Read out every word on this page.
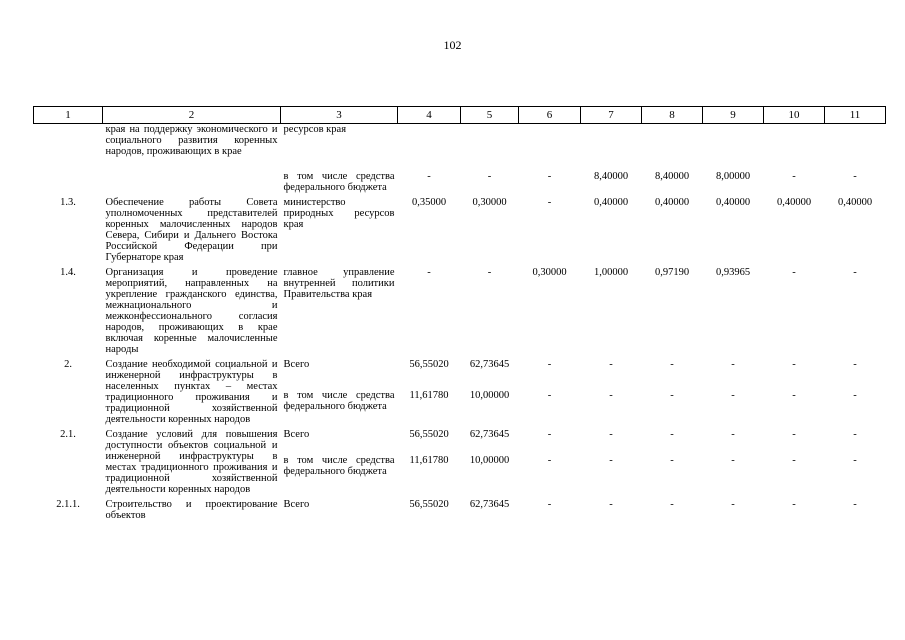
102
1	2	3	4	5	6	7	8	9	10	11
	края на поддержку экономического и социального развития коренных народов, проживающих в крае	ресурсов края								
		в том числе средства федерального бюджета	-	-	-	8,40000	8,40000	8,00000	-	-
1.3.	Обеспечение работы Совета уполномоченных представителей коренных малочисленных народов Севера, Сибири и Дальнего Востока Российской Федерации при Губернаторе края	министерство природных ресурсов края	0,35000	0,30000	-	0,40000	0,40000	0,40000	0,40000	0,40000
1.4.	Организация и проведение мероприятий, направленных на укрепление гражданского единства, межнационального и межконфессионального согласия народов, проживающих в крае включая коренные малочисленные народы	главное управление внутренней политики Правительства края	-	-	0,30000	1,00000	0,97190	0,93965	-	-
2.	Создание необходимой социальной и инженерной инфраструктуры в населенных пунктах – местах традиционного проживания и традиционной хозяйственной деятельности коренных народов	Всего	56,55020	62,73645	-	-	-	-	-	-
		в том числе средства федерального бюджета	11,61780	10,00000	-	-	-	-	-	-
2.1.	Создание условий для повышения доступности объектов социальной и инженерной инфраструктуры в местах традиционного проживания и традиционной хозяйственной деятельности коренных народов	Всего	56,55020	62,73645	-	-	-	-	-	-
		в том числе средства федерального бюджета	11,61780	10,00000	-	-	-	-	-	-
2.1.1.	Строительство и проектирование объектов	Всего	56,55020	62,73645	-	-	-	-	-	-
